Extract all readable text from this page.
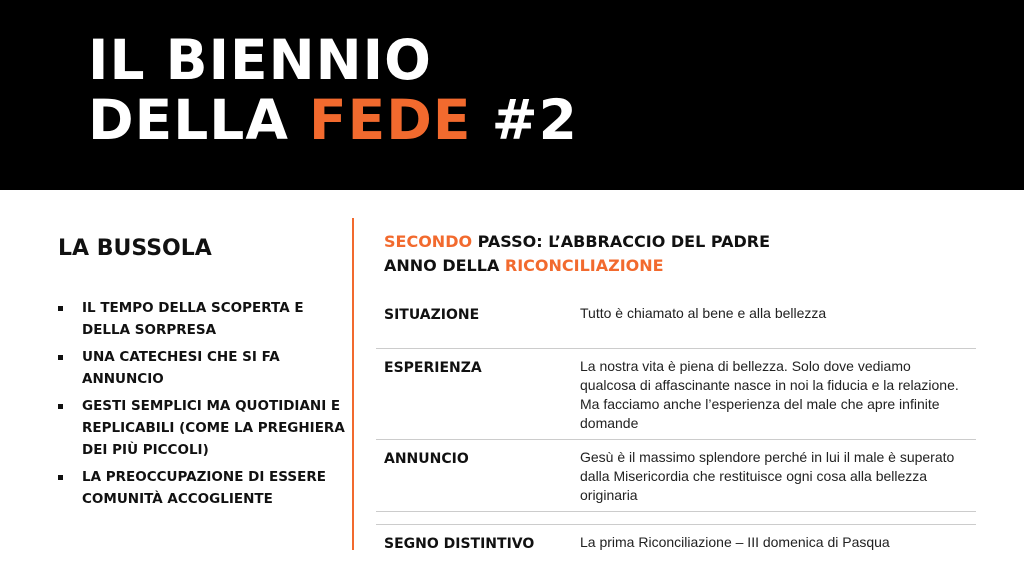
IL BIENNIO
DELLA FEDE #2
LA BUSSOLA
IL TEMPO DELLA SCOPERTA E DELLA SORPRESA
UNA CATECHESI CHE SI FA ANNUNCIO
GESTI SEMPLICI MA QUOTIDIANI E REPLICABILI (COME LA PREGHIERA DEI PIÙ PICCOLI)
LA PREOCCUPAZIONE DI ESSERE COMUNITÀ ACCOGLIENTE

SECONDO PASSO: L’ABBRACCIO DEL PADRE

ANNO DELLA RICONCILIAZIONE

SITUAZIONE	Tutto è chiamato al bene e alla bellezza
ESPERIENZA	La nostra vita è piena di bellezza. Solo dove vediamo qualcosa di affascinante nasce in noi la fiducia e la relazione. Ma facciamo anche l’esperienza del male che apre infinite domande
ANNUNCIO	Gesù è il massimo splendore perché in lui il male è superato dalla Misericordia che restituisce ogni cosa alla bellezza originaria

SEGNO DISTINTIVO	La prima Riconciliazione – III domenica di Pasqua
